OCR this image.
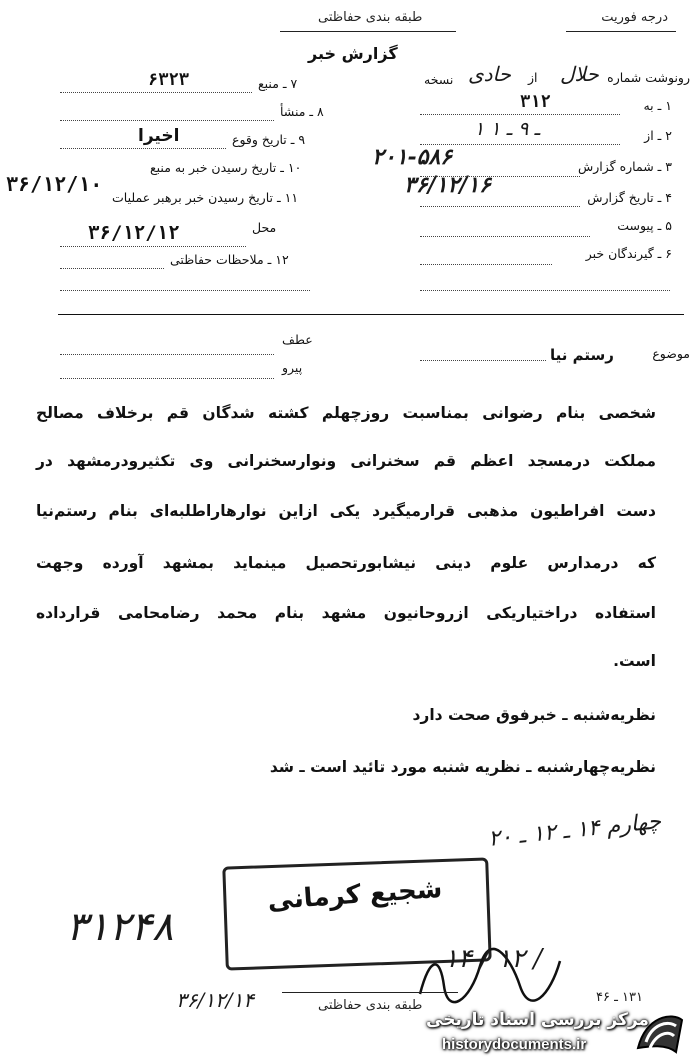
درجه فوریت
طبقه بندی حفاظتی
گزارش خبر
رونوشت شماره
حلال
از
حادی
نسخه
۱ ـ به
۳۱۲
۲ ـ از
۱ ـ ۹ ـ ۱
۳ ـ شماره گزارش
۲۰۱-۵۸۶
۴ ـ تاریخ گزارش
۳۶/۱۲/۱۶
۵ ـ پیوست
۶ ـ گیرندگان خبر
۷ ـ منبع
۶۳۲۳
۸ ـ منشأ
۹ ـ تاریخ وقوع
اخیرا
۱۰ ـ تاریخ رسیدن خبر به منبع
۳۶/۱۲/۱۰
۱۱ ـ تاریخ رسیدن خبر برهبر عملیات
محل
۳۶/۱۲/۱۲
۱۲ ـ ملاحظات حفاظتی
موضوع
رستم نیا
عطف
پیرو
شخصی بنام رضوانی بمناسبت روزچهلم کشته شدگان قم برخلاف مصالح
مملکت درمسجد اعظم قم سخنرانی ونوارسخنرانی وی تکثیرودرمشهد در
دست افراطیون مذهبی قرارمیگیرد یکی ازاین نوارهاراطلبه‌ای بنام رستم‌نیا
که درمدارس علوم دینی نیشابورتحصیل مینماید بمشهد آورده وجهت
استفاده دراختیاریکی ازروحانیون مشهد بنام محمد رضامحامی قرارداده
است.
نظریه‌شنبه ـ خبرفوق صحت دارد
نظریه‌چهارشنبه ـ نظریه شنبه مورد تائید است ـ شد
چهارم ۱۴ ـ ۱۲ ـ ۲۰
۳۱۲۴۸
شجیع کرمانی
۱۴ / ۱۲ /
۳۶/۱۲/۱۴	طبقه بندی حفاظتی
۱۳۱ ـ ۴۶
مرکز بررسی اسناد تاریخی
historydocuments.ir
